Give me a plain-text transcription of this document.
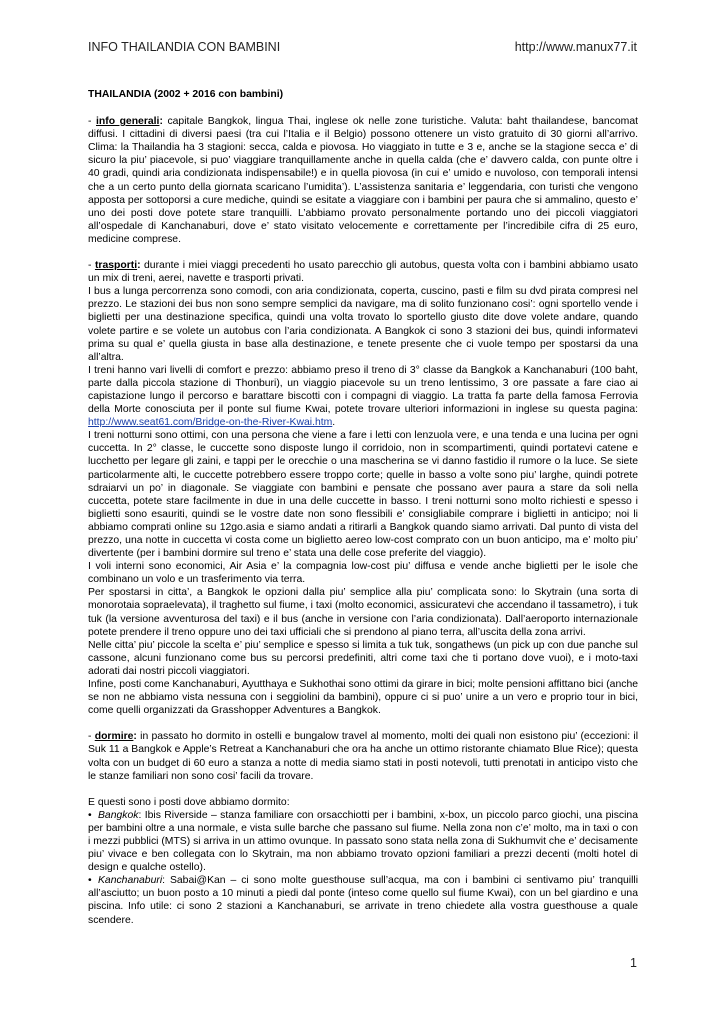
INFO THAILANDIA CON BAMBINI	http://www.manux77.it

THAILANDIA (2002 + 2016 con bambini)

- info generali: capitale Bangkok, lingua Thai, inglese ok nelle zone turistiche. Valuta: baht thailandese, bancomat diffusi. I cittadini di diversi paesi (tra cui l’Italia e il Belgio) possono ottenere un visto gratuito di 30 giorni all’arrivo. Clima: la Thailandia ha 3 stagioni: secca, calda e piovosa. Ho viaggiato in tutte e 3 e, anche se la stagione secca e’ di sicuro la piu’ piacevole, si puo’ viaggiare tranquillamente anche in quella calda (che e’ davvero calda, con punte oltre i 40 gradi, quindi aria condizionata indispensabile!) e in quella piovosa (in cui e’ umido e nuvoloso, con temporali intensi che a un certo punto della giornata scaricano l’umidita’). L’assistenza sanitaria e’ leggendaria, con turisti che vengono apposta per sottoporsi a cure mediche, quindi se esitate a viaggiare con i bambini per paura che si ammalino, questo e’ uno dei posti dove potete stare tranquilli. L’abbiamo provato personalmente portando uno dei piccoli viaggiatori all’ospedale di Kanchanaburi, dove e’ stato visitato velocemente e correttamente per l’incredibile cifra di 25 euro, medicine comprese.

- trasporti: durante i miei viaggi precedenti ho usato parecchio gli autobus, questa volta con i bambini abbiamo usato un mix di treni, aerei, navette e trasporti privati.

I bus a lunga percorrenza sono comodi, con aria condizionata, coperta, cuscino, pasti e film su dvd pirata compresi nel prezzo. Le stazioni dei bus non sono sempre semplici da navigare, ma di solito funzionano cosi’: ogni sportello vende i biglietti per una destinazione specifica, quindi una volta trovato lo sportello giusto dite dove volete andare, quando volete partire e se volete un autobus con l’aria condizionata. A Bangkok ci sono 3 stazioni dei bus, quindi informatevi prima su qual e’ quella giusta in base alla destinazione, e tenete presente che ci vuole tempo per spostarsi da una all’altra.

I treni hanno vari livelli di comfort e prezzo: abbiamo preso il treno di 3° classe da Bangkok a Kanchanaburi (100 baht, parte dalla piccola stazione di Thonburi), un viaggio piacevole su un treno lentissimo, 3 ore passate a fare ciao ai capistazione lungo il percorso e barattare biscotti con i compagni di viaggio. La tratta fa parte della famosa Ferrovia della Morte conosciuta per il ponte sul fiume Kwai, potete trovare ulteriori informazioni in inglese su questa pagina: http://www.seat61.com/Bridge-on-the-River-Kwai.htm.

I treni notturni sono ottimi, con una persona che viene a fare i letti con lenzuola vere, e una tenda e una lucina per ogni cuccetta. In 2° classe, le cuccette sono disposte lungo il corridoio, non in scompartimenti, quindi portatevi catene e lucchetto per legare gli zaini, e tappi per le orecchie o una mascherina se vi danno fastidio il rumore o la luce. Se siete particolarmente alti, le cuccette potrebbero essere troppo corte; quelle in basso a volte sono piu’ larghe, quindi potrete sdraiarvi un po’ in diagonale. Se viaggiate con bambini e pensate che possano aver paura a stare da soli nella cuccetta, potete stare facilmente in due in una delle cuccette in basso. I treni notturni sono molto richiesti e spesso i biglietti sono esauriti, quindi se le vostre date non sono flessibili e’ consigliabile comprare i biglietti in anticipo; noi li abbiamo comprati online su 12go.asia e siamo andati a ritirarli a Bangkok quando siamo arrivati. Dal punto di vista del prezzo, una notte in cuccetta vi costa come un biglietto aereo low-cost comprato con un buon anticipo, ma e’ molto piu’ divertente (per i bambini dormire sul treno e’ stata una delle cose preferite del viaggio).

I voli interni sono economici, Air Asia e’ la compagnia low-cost piu’ diffusa e vende anche biglietti per le isole che combinano un volo e un trasferimento via terra.

Per spostarsi in citta’, a Bangkok le opzioni dalla piu’ semplice alla piu’ complicata sono: lo Skytrain (una sorta di monorotaia sopraelevata), il traghetto sul fiume, i taxi (molto economici, assicuratevi che accendano il tassametro), i tuk tuk (la versione avventurosa del taxi) e il bus (anche in versione con l’aria condizionata). Dall’aeroporto internazionale potete prendere il treno oppure uno dei taxi ufficiali che si prendono al piano terra, all’uscita della zona arrivi.

Nelle citta’ piu’ piccole la scelta e’ piu’ semplice e spesso si limita a tuk tuk, songathews (un pick up con due panche sul cassone, alcuni funzionano come bus su percorsi predefiniti, altri come taxi che ti portano dove vuoi), e i moto-taxi adorati dai nostri piccoli viaggiatori.

Infine, posti come Kanchanaburi, Ayutthaya e Sukhothai sono ottimi da girare in bici; molte pensioni affittano bici (anche se non ne abbiamo vista nessuna con i seggiolini da bambini), oppure ci si puo’ unire a un vero e proprio tour in bici, come quelli organizzati da Grasshopper Adventures a Bangkok.

- dormire: in passato ho dormito in ostelli e bungalow travel al momento, molti dei quali non esistono piu’ (eccezioni: il Suk 11 a Bangkok e Apple’s Retreat a Kanchanaburi che ora ha anche un ottimo ristorante chiamato Blue Rice); questa volta con un budget di 60 euro a stanza a notte di media siamo stati in posti notevoli, tutti prenotati in anticipo visto che le stanze familiari non sono cosi’ facili da trovare.

E questi sono i posti dove abbiamo dormito:

• Bangkok: Ibis Riverside – stanza familiare con orsacchiotti per i bambini, x-box, un piccolo parco giochi, una piscina per bambini oltre a una normale, e vista sulle barche che passano sul fiume. Nella zona non c’e’ molto, ma in taxi o con i mezzi pubblici (MTS) si arriva in un attimo ovunque. In passato sono stata nella zona di Sukhumvit che e’ decisamente piu’ vivace e ben collegata con lo Skytrain, ma non abbiamo trovato opzioni familiari a prezzi decenti (molti hotel di design e qualche ostello).

• Kanchanaburi: Sabai@Kan – ci sono molte guesthouse sull’acqua, ma con i bambini ci sentivamo piu’ tranquilli all’asciutto; un buon posto a 10 minuti a piedi dal ponte (inteso come quello sul fiume Kwai), con un bel giardino e una piscina. Info utile: ci sono 2 stazioni a Kanchanaburi, se arrivate in treno chiedete alla vostra guesthouse a quale scendere.

1
